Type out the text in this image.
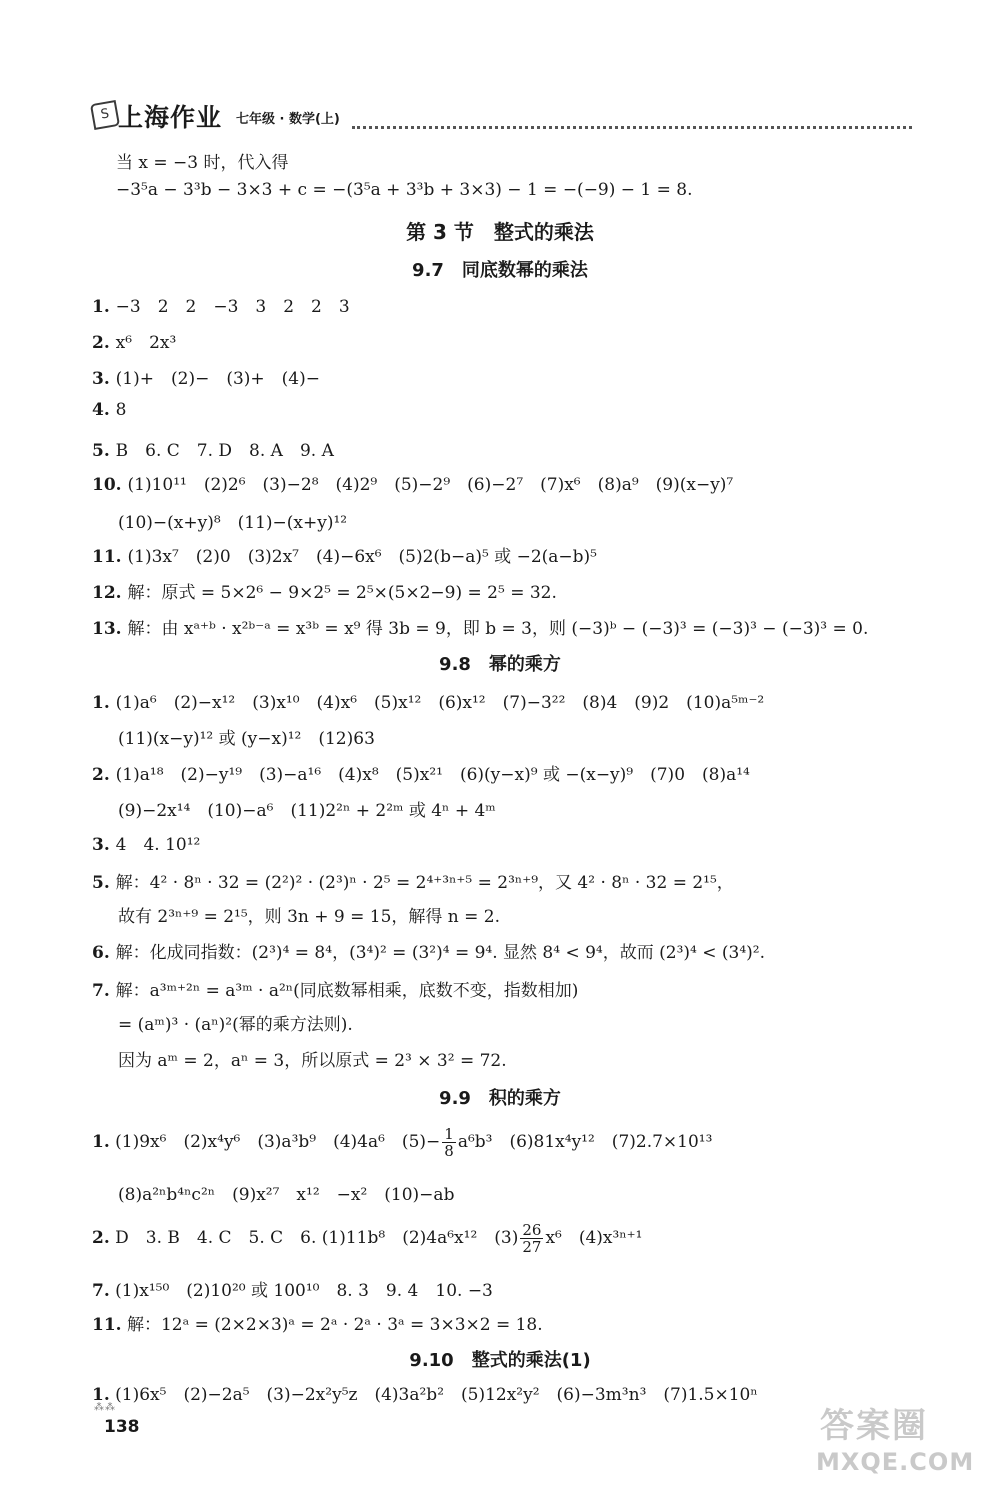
S 上海作业 七年级 · 数学(上)
当 x = −3 时，代入得
−3⁵a − 3³b − 3×3 + c = −(3⁵a + 3³b + 3×3) − 1 = −(−9) − 1 = 8.
第 3 节　整式的乘法
9.7　同底数幂的乘法
1. −3　2　2　−3　3　2　2　3
2. x⁶　2x³
3. (1)+　(2)−　(3)+　(4)−
4. 8
5. B　6. C　7. D　8. A　9. A
10. (1)10¹¹　(2)2⁶　(3)−2⁸　(4)2⁹　(5)−2⁹　(6)−2⁷　(7)x⁶　(8)a⁹　(9)(x−y)⁷
(10)−(x+y)⁸　(11)−(x+y)¹²
11. (1)3x⁷　(2)0　(3)2x⁷　(4)−6x⁶　(5)2(b−a)⁵ 或 −2(a−b)⁵
12. 解：原式 = 5×2⁶ − 9×2⁵ = 2⁵×(5×2−9) = 2⁵ = 32.
13. 解：由 xᵃ⁺ᵇ · x²ᵇ⁻ᵃ = x³ᵇ = x⁹ 得 3b = 9，即 b = 3，则 (−3)ᵇ − (−3)³ = (−3)³ − (−3)³ = 0.
9.8　幂的乘方
1. (1)a⁶　(2)−x¹²　(3)x¹⁰　(4)x⁶　(5)x¹²　(6)x¹²　(7)−3²²　(8)4　(9)2　(10)a⁵ᵐ⁻²
(11)(x−y)¹² 或 (y−x)¹²　(12)63
2. (1)a¹⁸　(2)−y¹⁹　(3)−a¹⁶　(4)x⁸　(5)x²¹　(6)(y−x)⁹ 或 −(x−y)⁹　(7)0　(8)a¹⁴
(9)−2x¹⁴　(10)−a⁶　(11)2²ⁿ + 2²ᵐ 或 4ⁿ + 4ᵐ
3. 4　4. 10¹²
5. 解：4² · 8ⁿ · 32 = (2²)² · (2³)ⁿ · 2⁵ = 2⁴⁺³ⁿ⁺⁵ = 2³ⁿ⁺⁹，又 4² · 8ⁿ · 32 = 2¹⁵，
故有 2³ⁿ⁺⁹ = 2¹⁵，则 3n + 9 = 15，解得 n = 2.
6. 解：化成同指数：(2³)⁴ = 8⁴，(3⁴)² = (3²)⁴ = 9⁴. 显然 8⁴ < 9⁴，故而 (2³)⁴ < (3⁴)².
7. 解：a³ᵐ⁺²ⁿ = a³ᵐ · a²ⁿ(同底数幂相乘，底数不变，指数相加)
= (aᵐ)³ · (aⁿ)²(幂的乘方法则).
因为 aᵐ = 2，aⁿ = 3，所以原式 = 2³ × 3² = 72.
9.9　积的乘方
1. (1)9x⁶　(2)x⁴y⁶　(3)a³b⁹　(4)4a⁶　$(5)- \frac{1}{8} a^6b^3$　(6)81x⁴y¹²　(7)2.7×10¹³
(8)a²ⁿb⁴ⁿc²ⁿ　(9)x²⁷　x¹²　−x²　(10)−ab
2. D　3. B　4. C　5. C　6. (1)11b⁸　(2)4a⁶x¹²　$(3) \frac{26}{27} x^6$　(4)x³ⁿ⁺¹
7. (1)x¹⁵⁰　(2)10²⁰ 或 100¹⁰　8. 3　9. 4　10. −3
11. 解：12ᵃ = (2×2×3)ᵃ = 2ᵃ · 2ᵃ · 3ᵃ = 3×3×2 = 18.
9.10　整式的乘法(1)
1. (1)6x⁵　(2)−2a⁵　(3)−2x²y⁵z　(4)3a²b²　(5)12x²y²　(6)−3m³n³　(7)1.5×10ⁿ
⁂⁂
138	答案圈
MXQE.COM
